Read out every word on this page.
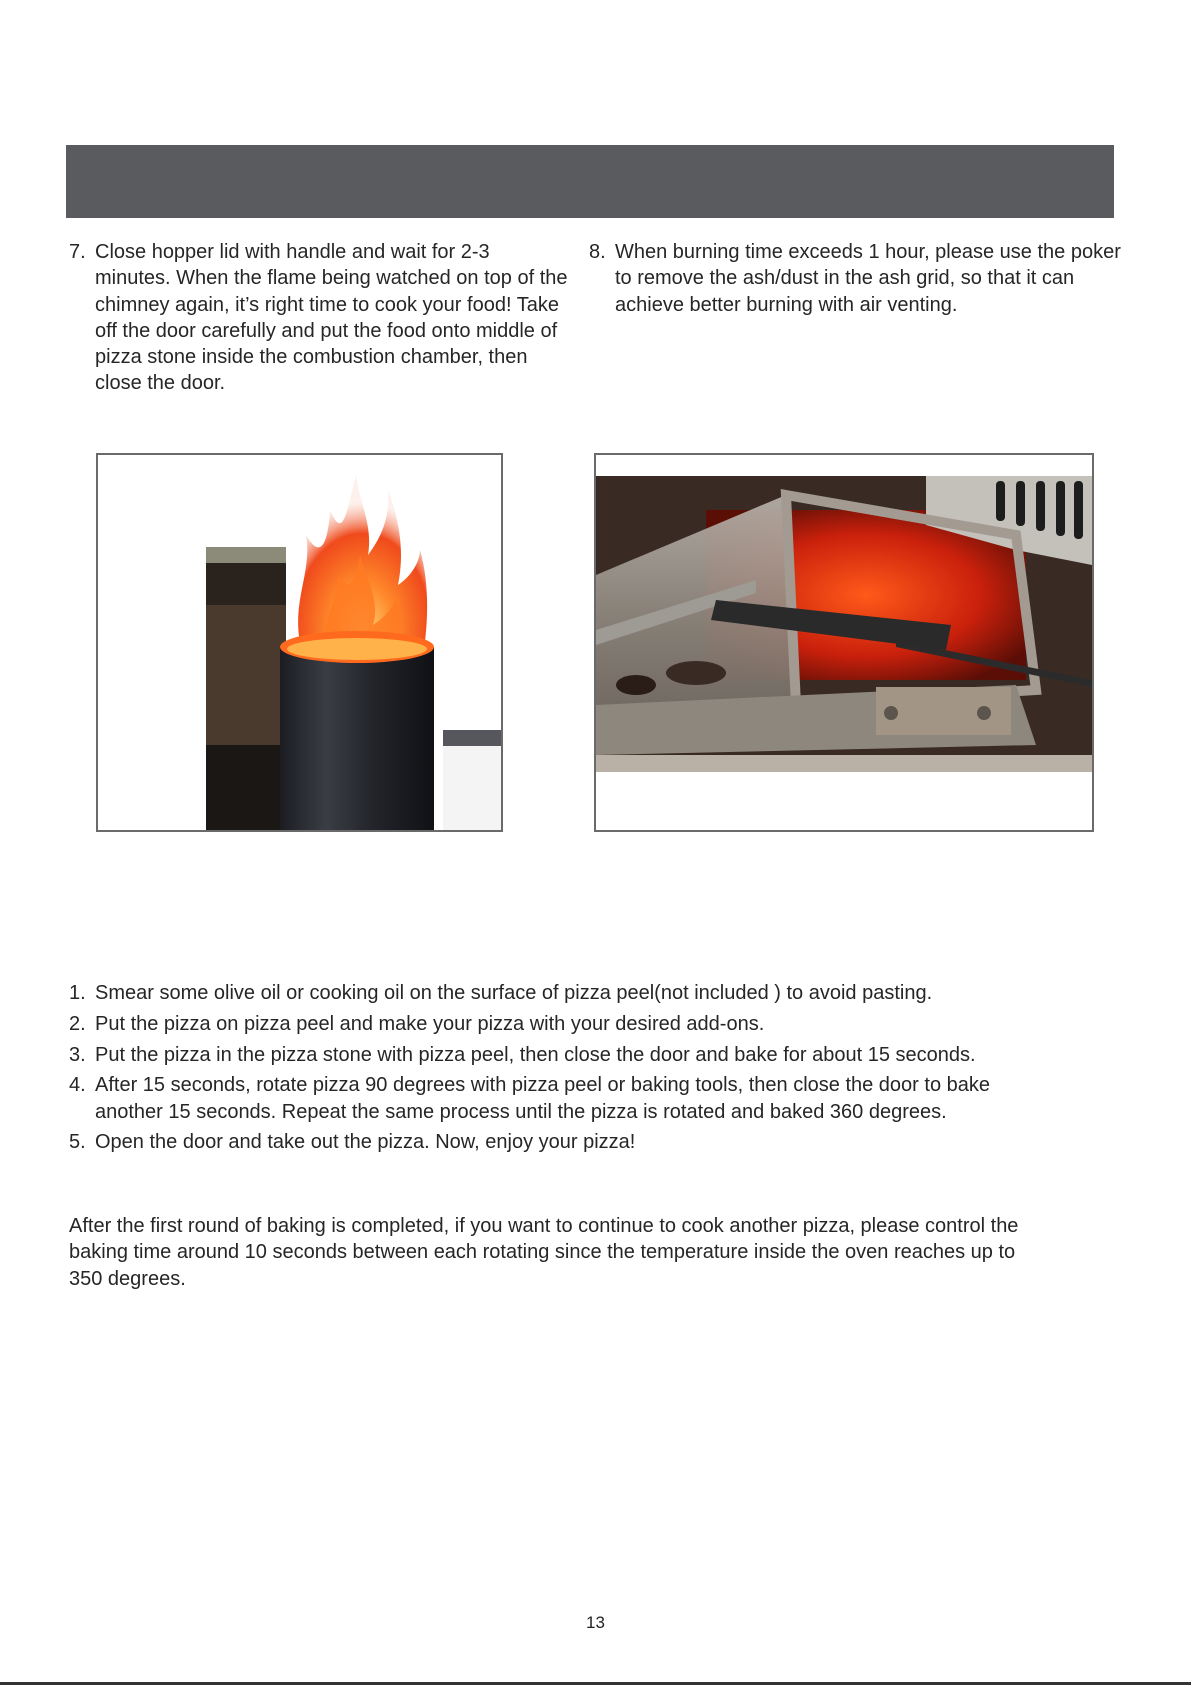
7. Close hopper lid with handle and wait for 2-3 minutes. When the flame being watched on top of the chimney again, it’s right time to cook your food! Take off the door carefully and put the food onto middle of pizza stone inside the combustion chamber, then close the door.
8. When burning time exceeds 1 hour, please use the poker to remove the ash/dust in the ash grid, so that it can achieve better burning with air venting.
1. Smear some olive oil or cooking oil on the surface of pizza peel(not included ) to avoid pasting.
2. Put the pizza on pizza peel and make your pizza with your desired add-ons.
3. Put the pizza in the pizza stone with pizza peel, then close the door and bake for about 15 seconds.
4. After 15 seconds, rotate pizza 90 degrees with pizza peel or baking tools, then close the door to bake another 15 seconds. Repeat the same process until the pizza is rotated and baked 360 degrees.
5. Open the door and take out the pizza. Now, enjoy your pizza!
After the first round of baking is completed, if you want to continue to cook another pizza, please control the baking time around 10 seconds between each rotating since the temperature inside the oven reaches up to 350 degrees.
13
